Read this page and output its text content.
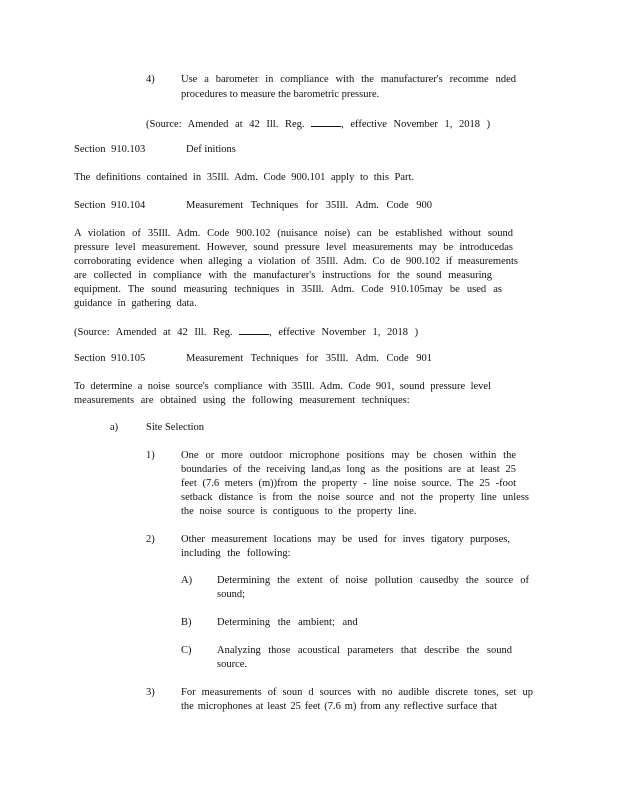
4)	Use a barometer in compliance with the manufacturer's recomme nded
procedures to measure the barometric pressure.
(Source: Amended at 42 Ill. Reg.	, effective November 1, 2018 )
Section 910.103	Def initions
The definitions contained in 35Ill. Adm. Code 900.101 apply to this Part.
Section 910.104	Measurement Techniques for 35Ill. Adm. Code 900
A violation of 35Ill. Adm. Code 900.102 (nuisance noise) can be established without sound
pressure level measurement. However, sound pressure level measurements may be introducedas
corroborating evidence when alleging a violation of 35Ill. Adm. Co de 900.102 if measurements
are collected in compliance with the manufacturer's instructions for the sound measuring
equipment. The sound measuring techniques in 35Ill. Adm. Code 910.105may be used as
guidance in gathering data.
(Source: Amended at 42 Ill. Reg.	, effective November 1, 2018 )
Section 910.105	Measurement Techniques for 35Ill. Adm. Code 901
To determine a noise source's compliance with 35Ill. Adm. Code 901, sound pressure level
measurements are obtained using the following measurement techniques:
a)	Site Selection
1)	One or more outdoor microphone positions may be chosen within the
boundaries of the receiving land,as long as the positions are at least 25
feet (7.6 meters (m))from the property - line noise source. The 25 -foot
setback distance is from the noise source and not the property line unless
the noise source is contiguous to the property line.
2)	Other measurement locations may be used for inves tigatory purposes,
including the following:
A) Determining the extent of noise pollution causedby the source of
sound;
B) Determining the ambient; and
C) Analyzing those acoustical parameters that describe the sound
source.
3)	For measurements of soun d sources with no audible discrete tones, set up
the microphones at least 25 feet (7.6 m) from any reflective surface that
